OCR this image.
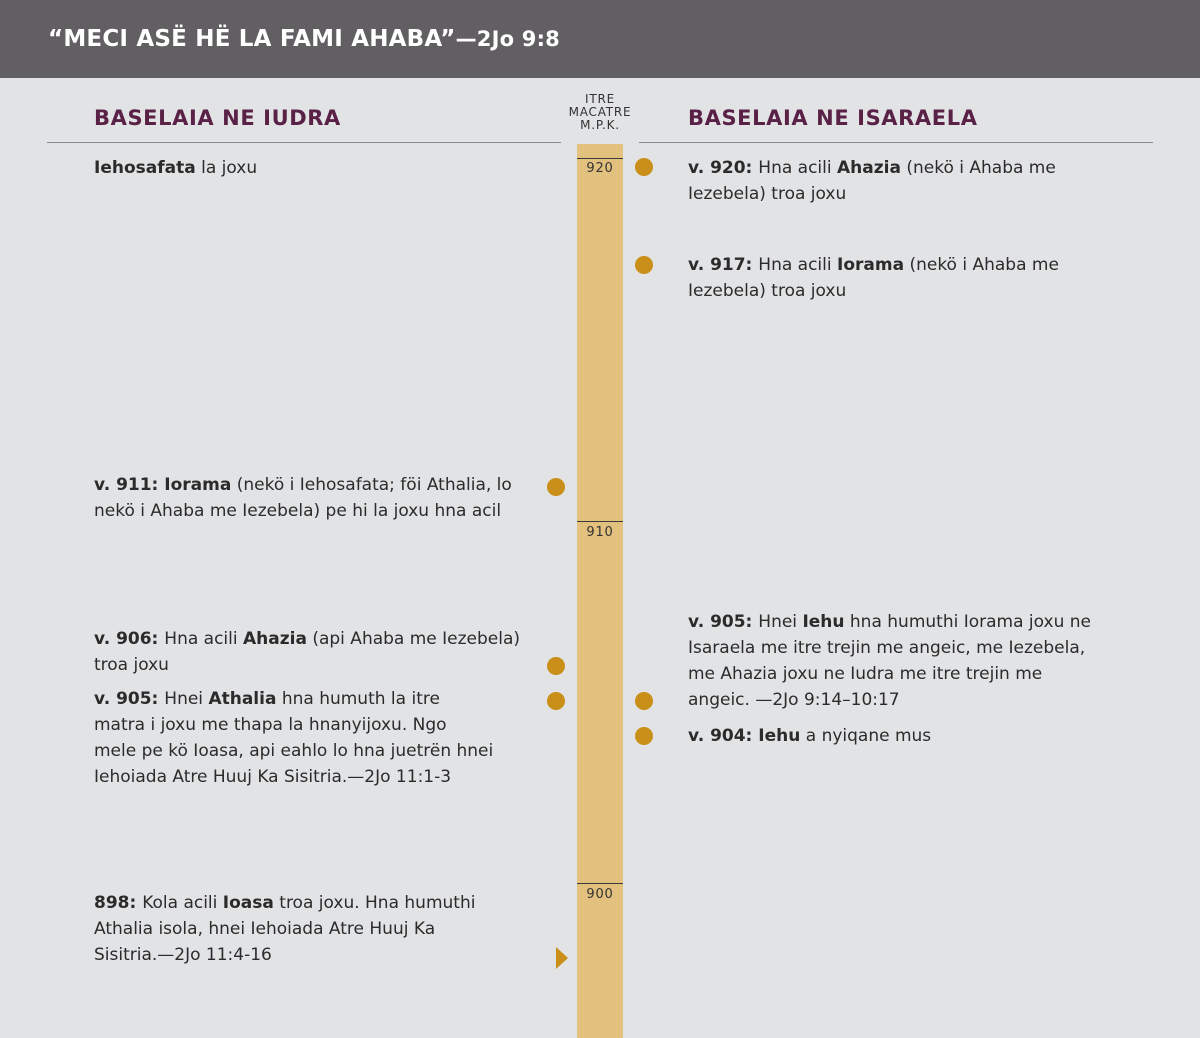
“MECI ASË HË LA FAMI AHABA”—2Jo 9:8
BASELAIA NE IUDRA	BASELAIA NE ISARAELA
ITRE
MACATRE
M.P.K.
920
910
900
Iehosafata la joxu
v. 911: Iorama (nekö i Iehosafata; föi Athalia, lo nekö i Ahaba me Iezebela) pe hi la joxu hna acil
v. 906: Hna acili Ahazia (api Ahaba me Iezebela) troa joxu
v. 905: Hnei Athalia hna humuth la itre matra i joxu me thapa la hnanyijoxu. Ngo mele pe kö Ioasa, api eahlo lo hna juetrën hnei Iehoiada Atre Huuj Ka Sisitria.—2Jo 11:1-3
898: Kola acili Ioasa troa joxu. Hna humuthi Athalia isola, hnei Iehoiada Atre Huuj Ka Sisitria.—2Jo 11:4-16
v. 920: Hna acili Ahazia (nekö i Ahaba me Iezebela) troa joxu
v. 917: Hna acili Iorama (nekö i Ahaba me Iezebela) troa joxu
v. 905: Hnei Iehu hna humuthi Iorama joxu ne Isaraela me itre trejin me angeic, me Iezebela, me Ahazia joxu ne Iudra me itre trejin me angeic. —2Jo 9:14–10:17
v. 904: Iehu a nyiqane mus
